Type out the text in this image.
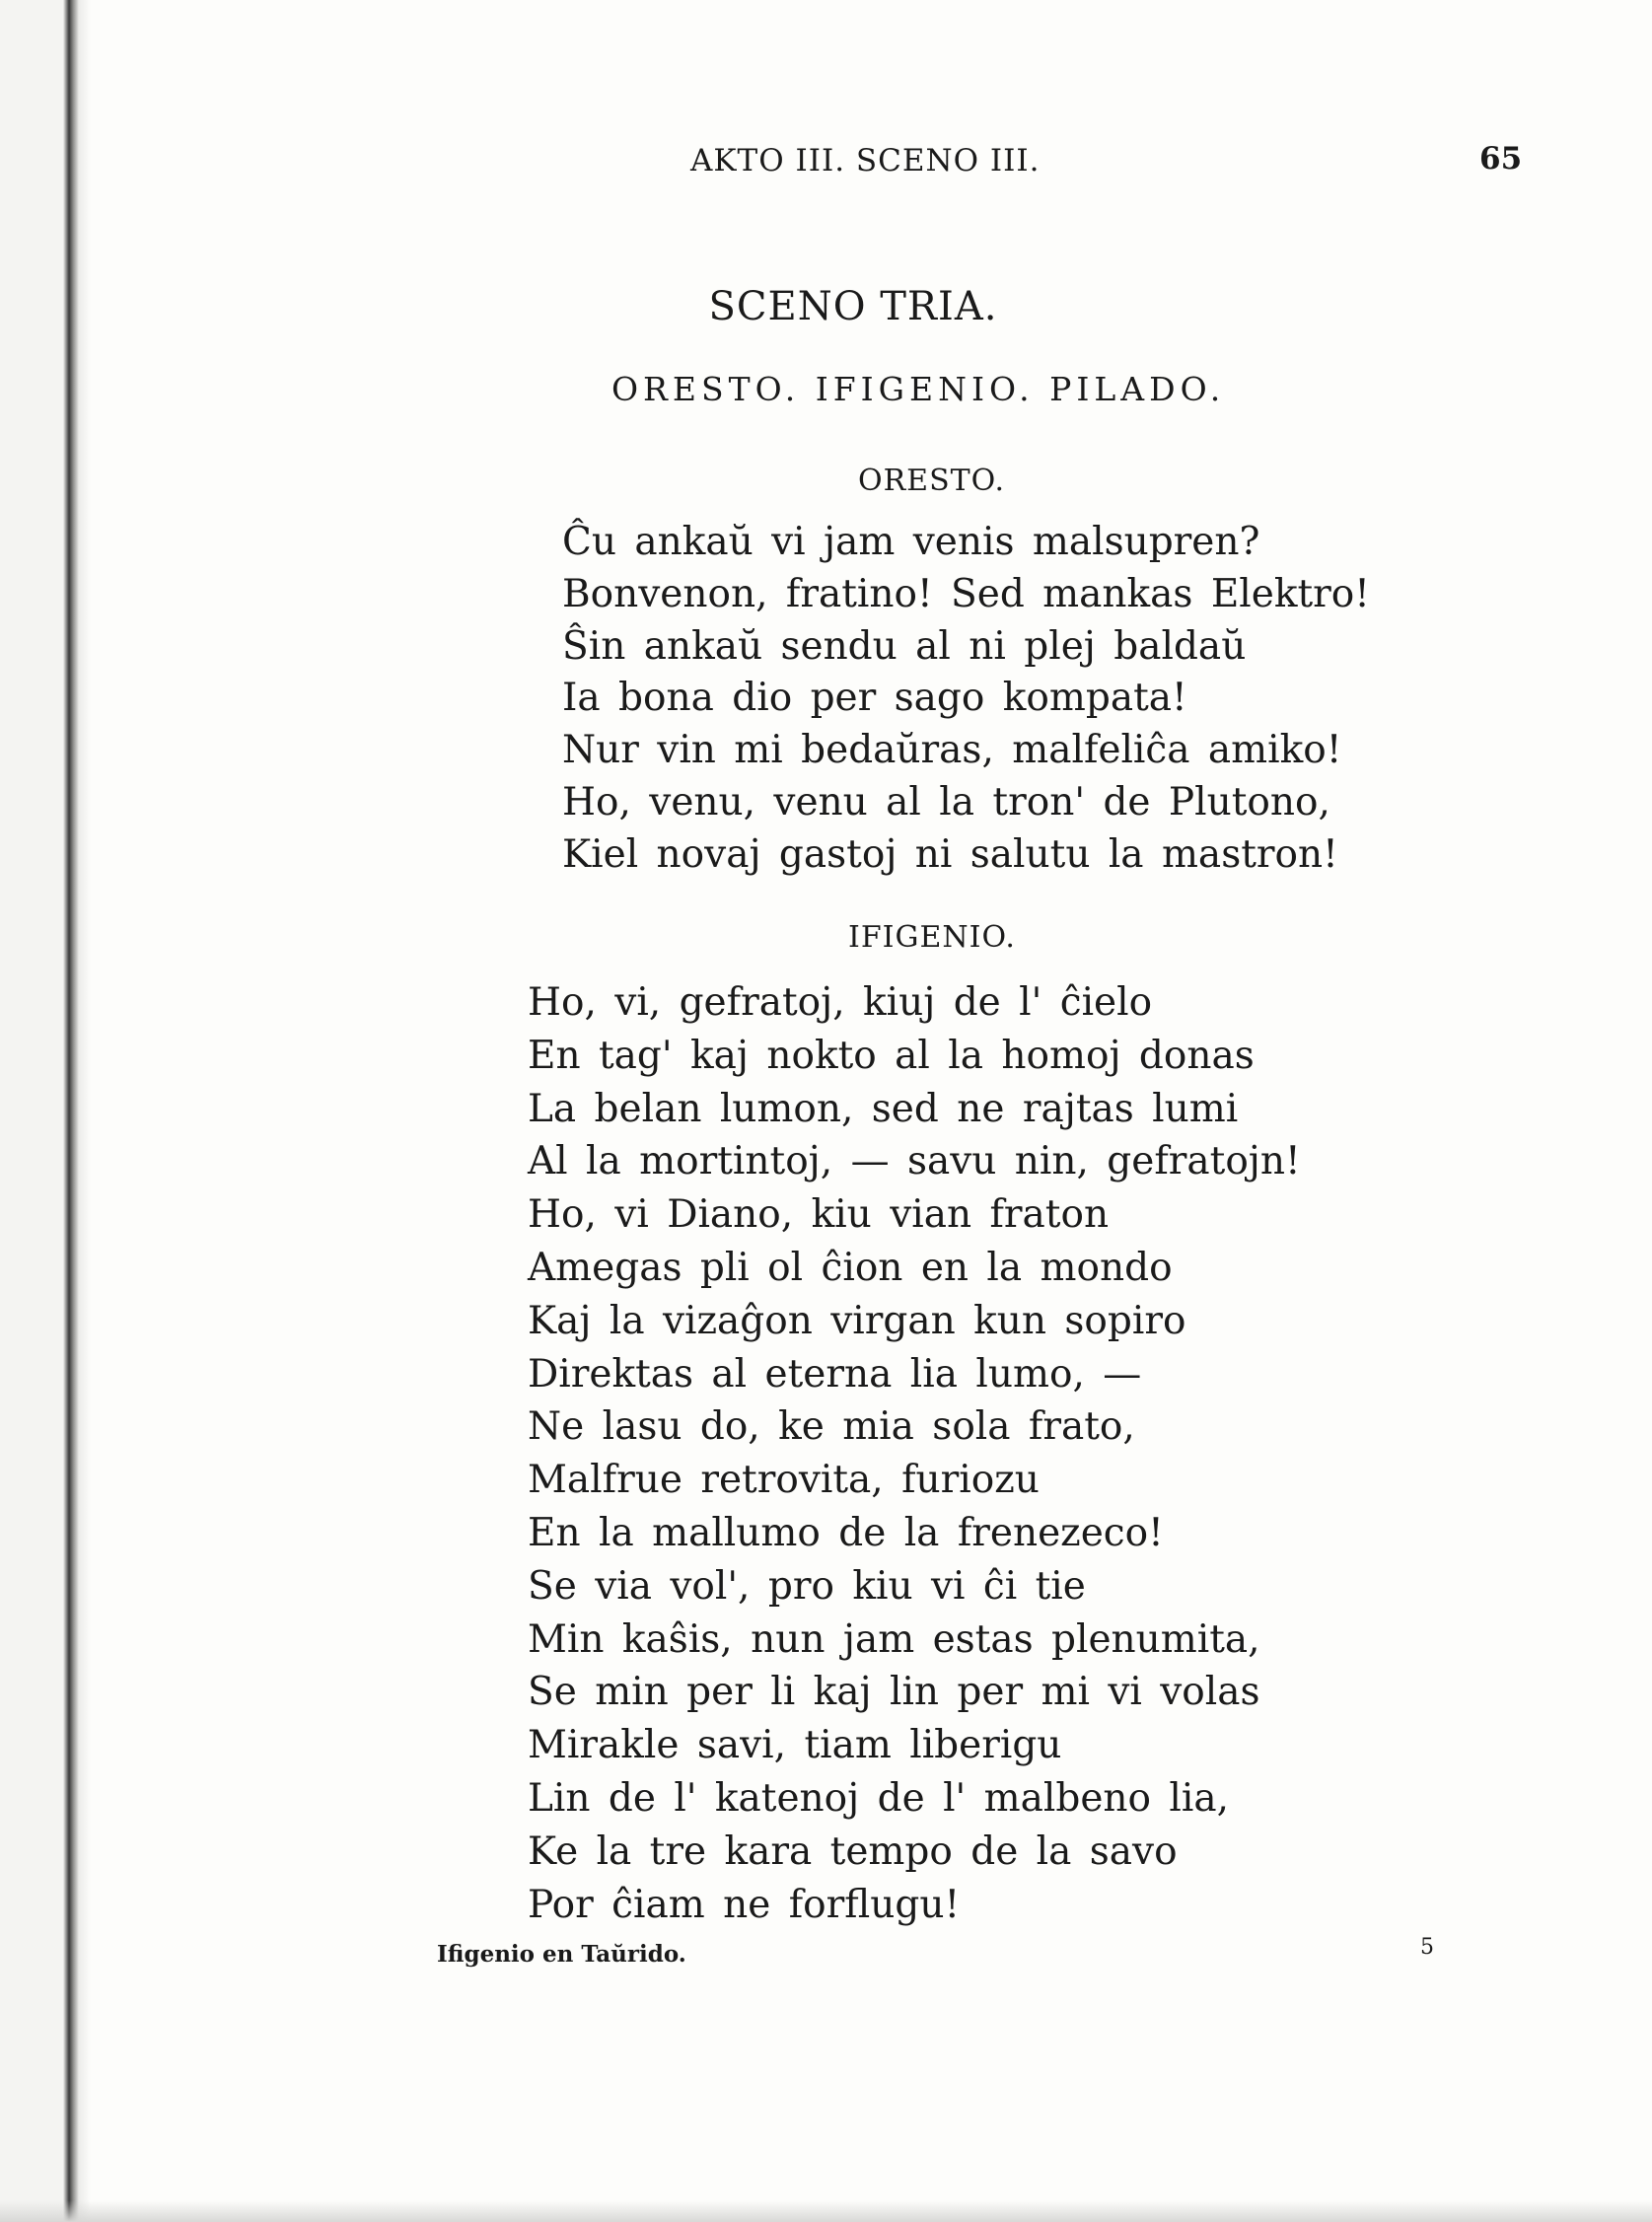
AKTO III. SCENO III.	65
SCENO TRIA.
ORESTO. IFIGENIO. PILADO.
ORESTO.
Ĉu ankaŭ vi jam venis malsupren?
Bonvenon, fratino! Sed mankas Elektro!
Ŝin ankaŭ sendu al ni plej baldaŭ
Ia bona dio per sago kompata!
Nur vin mi bedaŭras, malfeliĉa amiko!
Ho, venu, venu al la tron' de Plutono,
Kiel novaj gastoj ni salutu la mastron!
IFIGENIO.
Ho, vi, gefratoj, kiuj de l' ĉielo
En tag' kaj nokto al la homoj donas
La belan lumon, sed ne rajtas lumi
Al la mortintoj, — savu nin, gefratojn!
Ho, vi Diano, kiu vian fraton
Amegas pli ol ĉion en la mondo
Kaj la vizaĝon virgan kun sopiro
Direktas al eterna lia lumo, —
Ne lasu do, ke mia sola frato,
Malfrue retrovita, furiozu
En la mallumo de la frenezeco!
Se via vol', pro kiu vi ĉi tie
Min kaŝis, nun jam estas plenumita,
Se min per li kaj lin per mi vi volas
Mirakle savi, tiam liberigu
Lin de l' katenoj de l' malbeno lia,
Ke la tre kara tempo de la savo
Por ĉiam ne forflugu!
Ifigenio en Taŭrido.	5
